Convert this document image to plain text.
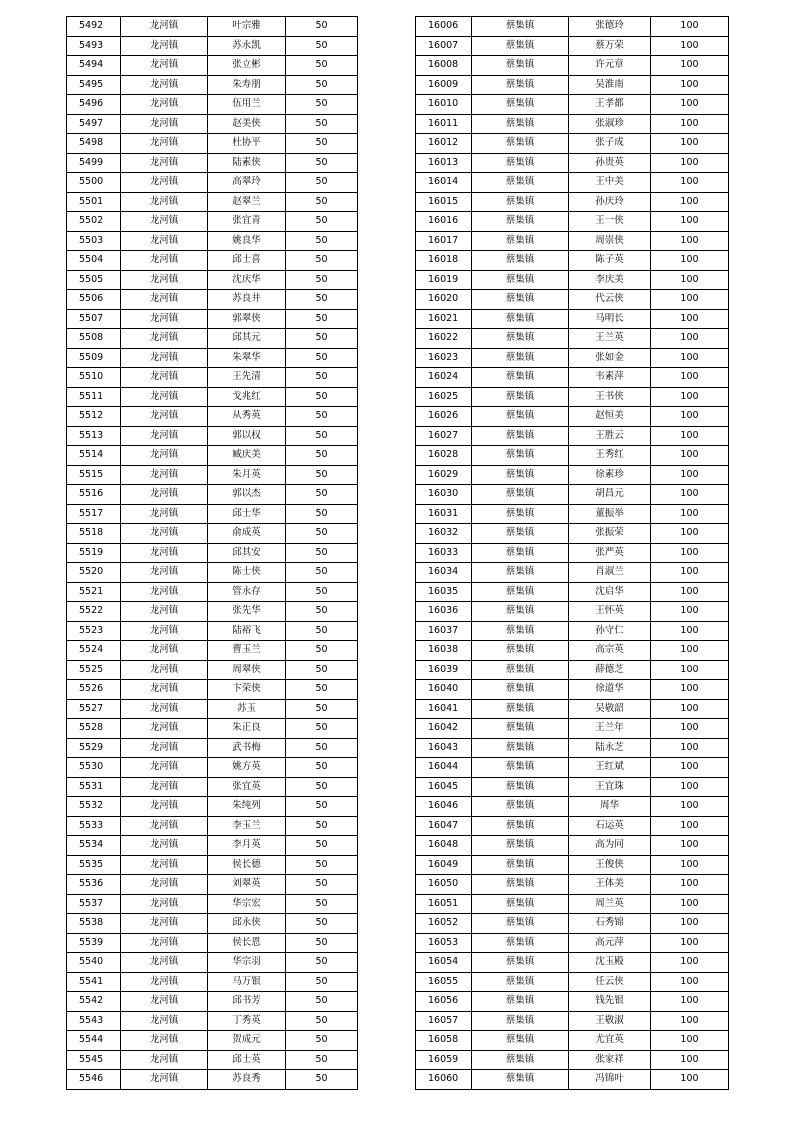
5492	龙河镇	叶宗雅	50
5493	龙河镇	苏永凯	50
5494	龙河镇	张立彬	50
5495	龙河镇	朱寿朋	50
5496	龙河镇	伍用兰	50
5497	龙河镇	赵美侠	50
5498	龙河镇	杜协平	50
5499	龙河镇	陆素侠	50
5500	龙河镇	高翠玲	50
5501	龙河镇	赵翠兰	50
5502	龙河镇	张宜青	50
5503	龙河镇	姚良华	50
5504	龙河镇	邱士喜	50
5505	龙河镇	沈庆华	50
5506	龙河镇	苏良井	50
5507	龙河镇	郭翠侠	50
5508	龙河镇	邱其元	50
5509	龙河镇	朱翠华	50
5510	龙河镇	王先清	50
5511	龙河镇	戈兆红	50
5512	龙河镇	从秀英	50
5513	龙河镇	郭以权	50
5514	龙河镇	臧庆美	50
5515	龙河镇	朱月英	50
5516	龙河镇	郭以杰	50
5517	龙河镇	邱士华	50
5518	龙河镇	俞成英	50
5519	龙河镇	邱其安	50
5520	龙河镇	陈士侠	50
5521	龙河镇	管永存	50
5522	龙河镇	张先华	50
5523	龙河镇	陆裕飞	50
5524	龙河镇	曹玉兰	50
5525	龙河镇	周翠侠	50
5526	龙河镇	卞荣侠	50
5527	龙河镇	苏玉	50
5528	龙河镇	朱正良	50
5529	龙河镇	武书梅	50
5530	龙河镇	姚方英	50
5531	龙河镇	张宜英	50
5532	龙河镇	朱纯列	50
5533	龙河镇	李玉兰	50
5534	龙河镇	李月英	50
5535	龙河镇	侯长德	50
5536	龙河镇	刘翠英	50
5537	龙河镇	华宗宏	50
5538	龙河镇	邱永侠	50
5539	龙河镇	侯长恩	50
5540	龙河镇	华宗羽	50
5541	龙河镇	马万银	50
5542	龙河镇	邱书芳	50
5543	龙河镇	丁秀英	50
5544	龙河镇	贺成元	50
5545	龙河镇	邱士英	50
5546	龙河镇	苏良秀	50
16006	蔡集镇	张德玲	100
16007	蔡集镇	蔡万荣	100
16008	蔡集镇	许元章	100
16009	蔡集镇	吴淮南	100
16010	蔡集镇	王孝都	100
16011	蔡集镇	张淑珍	100
16012	蔡集镇	张子成	100
16013	蔡集镇	孙贵英	100
16014	蔡集镇	王中美	100
16015	蔡集镇	孙庆玲	100
16016	蔡集镇	王一侠	100
16017	蔡集镇	周崇侠	100
16018	蔡集镇	陈子英	100
16019	蔡集镇	李庆美	100
16020	蔡集镇	代云侠	100
16021	蔡集镇	马明长	100
16022	蔡集镇	王兰英	100
16023	蔡集镇	张如金	100
16024	蔡集镇	韦素萍	100
16025	蔡集镇	王书侠	100
16026	蔡集镇	赵恒美	100
16027	蔡集镇	王胜云	100
16028	蔡集镇	王秀红	100
16029	蔡集镇	徐素珍	100
16030	蔡集镇	胡昌元	100
16031	蔡集镇	董振举	100
16032	蔡集镇	张振荣	100
16033	蔡集镇	张严英	100
16034	蔡集镇	肖淑兰	100
16035	蔡集镇	沈启华	100
16036	蔡集镇	王怀英	100
16037	蔡集镇	孙守仁	100
16038	蔡集镇	高宗英	100
16039	蔡集镇	薛德芝	100
16040	蔡集镇	徐道华	100
16041	蔡集镇	吴敬韶	100
16042	蔡集镇	王兰年	100
16043	蔡集镇	陆永芝	100
16044	蔡集镇	王红斌	100
16045	蔡集镇	王宜珠	100
16046	蔡集镇	周华	100
16047	蔡集镇	石运英	100
16048	蔡集镇	高为同	100
16049	蔡集镇	王俊侠	100
16050	蔡集镇	王体美	100
16051	蔡集镇	周兰英	100
16052	蔡集镇	石秀锦	100
16053	蔡集镇	高元萍	100
16054	蔡集镇	沈玉殿	100
16055	蔡集镇	任云侠	100
16056	蔡集镇	钱先银	100
16057	蔡集镇	王敬淑	100
16058	蔡集镇	尤宜英	100
16059	蔡集镇	张家祥	100
16060	蔡集镇	冯锦叶	100
